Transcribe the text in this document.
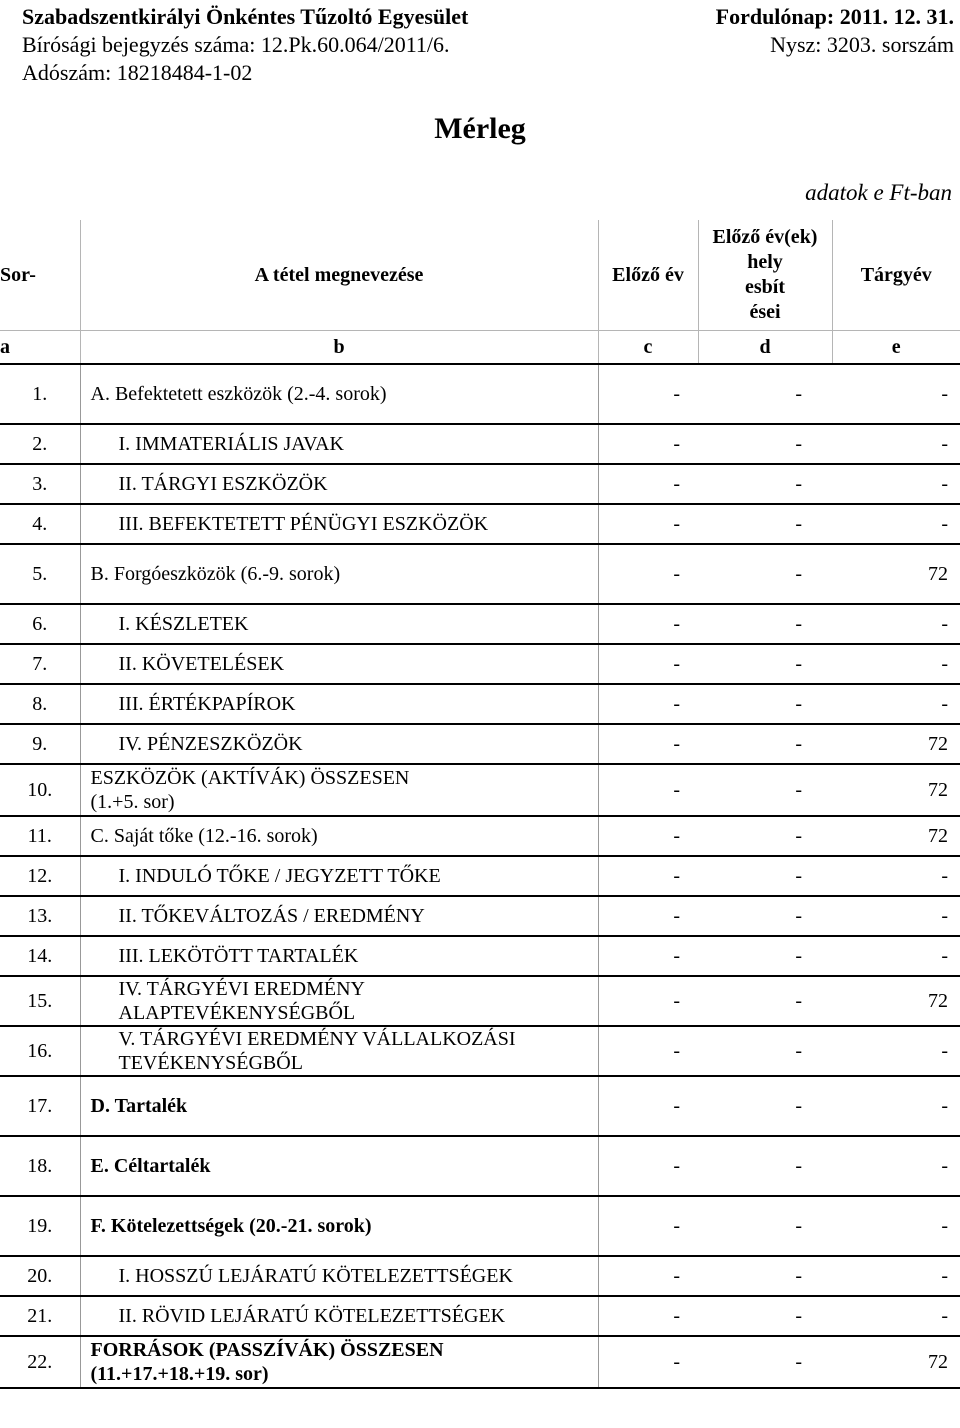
Szabadszentkirályi Önkéntes Tűzoltó Egyesület	Fordulónap: 2011. 12. 31.
Bírósági bejegyzés száma: 12.Pk.60.064/2011/6.	Nysz: 3203. sorszám
Adószám: 18218484-1-02
Mérleg
adatok e Ft-ban
Sor-	A tétel megnevezése	Előző év	Előző év(ek)
hely
esbít
ései	Tárgyév
a	b	c	d	e
1.	A. Befektetett eszközök (2.-4. sorok)	-	-	-
2.	I. IMMATERIÁLIS JAVAK	-	-	-
3.	II. TÁRGYI ESZKÖZÖK	-	-	-
4.	III. BEFEKTETETT PÉNÜGYI ESZKÖZÖK	-	-	-
5.	B. Forgóeszközök (6.-9. sorok)	-	-	72
6.	I. KÉSZLETEK	-	-	-
7.	II. KÖVETELÉSEK	-	-	-
8.	III. ÉRTÉKPAPÍROK	-	-	-
9.	IV. PÉNZESZKÖZÖK	-	-	72
10.	ESZKÖZÖK (AKTÍVÁK) ÖSSZESEN
(1.+5. sor)	-	-	72
11.	C. Saját tőke (12.-16. sorok)	-	-	72
12.	I. INDULÓ TŐKE / JEGYZETT TŐKE	-	-	-
13.	II. TŐKEVÁLTOZÁS / EREDMÉNY	-	-	-
14.	III. LEKÖTÖTT TARTALÉK	-	-	-
15.	IV. TÁRGYÉVI EREDMÉNY
ALAPTEVÉKENYSÉGBŐL	-	-	72
16.	V. TÁRGYÉVI EREDMÉNY VÁLLALKOZÁSI
TEVÉKENYSÉGBŐL	-	-	-
17.	D. Tartalék	-	-	-
18.	E. Céltartalék	-	-	-
19.	F. Kötelezettségek (20.-21. sorok)	-	-	-
20.	I. HOSSZÚ LEJÁRATÚ KÖTELEZETTSÉGEK	-	-	-
21.	II. RÖVID LEJÁRATÚ KÖTELEZETTSÉGEK	-	-	-
22.	FORRÁSOK (PASSZÍVÁK) ÖSSZESEN
(11.+17.+18.+19. sor)	-	-	72
